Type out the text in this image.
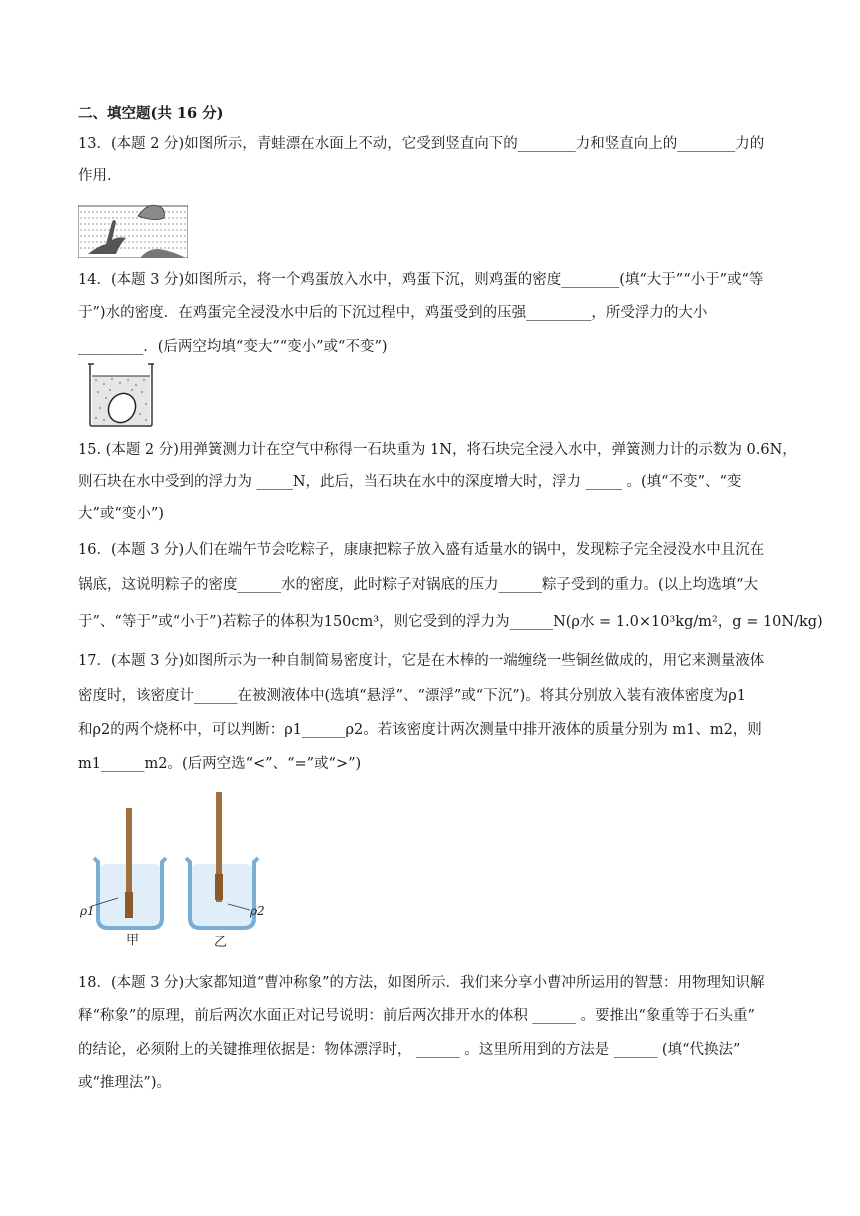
二、填空题(共 16 分)
13．(本题 2 分)如图所示，青蛙漂在水面上不动，它受到竖直向下的________力和竖直向上的________力的
作用．
14．(本题 3 分)如图所示，将一个鸡蛋放入水中，鸡蛋下沉，则鸡蛋的密度________(填“大于”“小于”或“等
于”)水的密度．在鸡蛋完全浸没水中后的下沉过程中，鸡蛋受到的压强_________，所受浮力的大小
_________．(后两空均填“变大”“变小”或“不变”)
15. (本题 2 分)用弹簧测力计在空气中称得一石块重为 1N，将石块完全浸入水中，弹簧测力计的示数为 0.6N，
则石块在水中受到的浮力为 _____N，此后，当石块在水中的深度增大时，浮力 _____ 。(填“不变”、“变
大”或“变小”)
16．(本题 3 分)人们在端午节会吃粽子，康康把粽子放入盛有适量水的锅中，发现粽子完全浸没水中且沉在
锅底，这说明粽子的密度______水的密度，此时粽子对锅底的压力______粽子受到的重力。(以上均选填“大
于”、“等于”或“小于”)若粽子的体积为150cm³，则它受到的浮力为______N(ρ水 = 1.0×10³kg/m²，g = 10N/kg)
17．(本题 3 分)如图所示为一种自制简易密度计，它是在木棒的一端缠绕一些铜丝做成的，用它来测量液体
密度时，该密度计______在被测液体中(选填“悬浮”、“漂浮”或“下沉”)。将其分别放入装有液体密度为ρ1
和ρ2的两个烧杯中，可以判断：ρ1______ρ2。若该密度计两次测量中排开液体的质量分别为 m1、m2，则
m1______m2。(后两空选“<”、“=”或“>”)
ρ1	ρ2
甲	乙
18．(本题 3 分)大家都知道“曹冲称象”的方法，如图所示．我们来分享小曹冲所运用的智慧：用物理知识解
释“称象”的原理，前后两次水面正对记号说明：前后两次排开水的体积 ______ 。要推出“象重等于石头重”
的结论，必须附上的关键推理依据是：物体漂浮时， ______ 。这里所用到的方法是 ______ (填“代换法”
或“推理法”)。
